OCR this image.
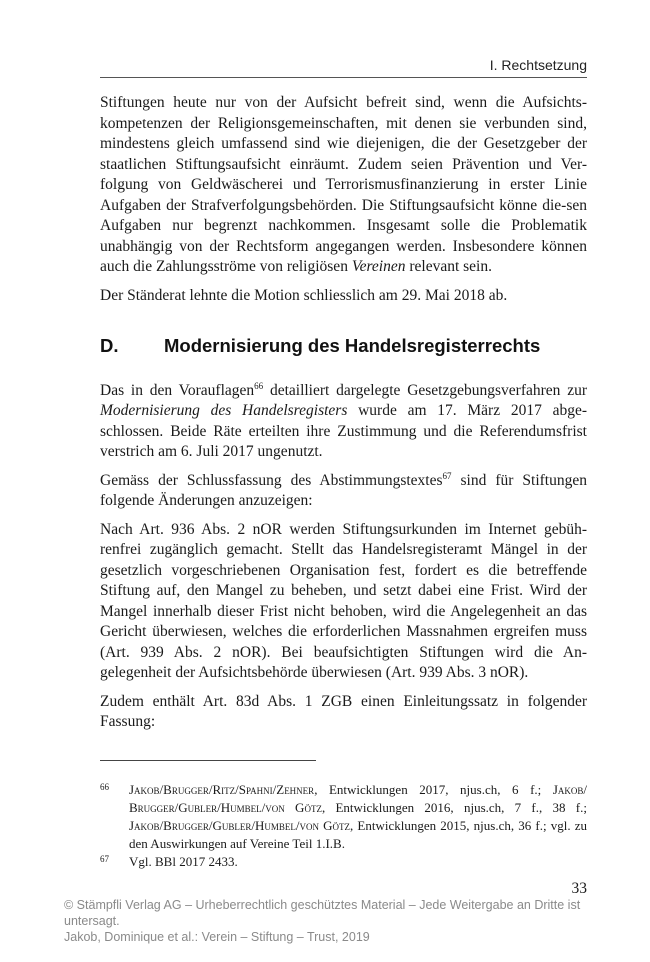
I. Rechtsetzung

Stiftungen heute nur von der Aufsicht befreit sind, wenn die Aufsichts-kompetenzen der Religionsgemeinschaften, mit denen sie verbunden sind, mindestens gleich umfassend sind wie diejenigen, die der Gesetzgeber der staatlichen Stiftungsaufsicht einräumt. Zudem seien Prävention und Ver-folgung von Geldwäscherei und Terrorismusfinanzierung in erster Linie Aufgaben der Strafverfolgungsbehörden. Die Stiftungsaufsicht könne die-sen Aufgaben nur begrenzt nachkommen. Insgesamt solle die Problematik unabhängig von der Rechtsform angegangen werden. Insbesondere können auch die Zahlungsströme von religiösen Vereinen relevant sein.

Der Ständerat lehnte die Motion schliesslich am 29. Mai 2018 ab.

D.	Modernisierung des Handelsregisterrechts

Das in den Vorauflagen$^{66}$ detailliert dargelegte Gesetzgebungsverfahren zur Modernisierung des Handelsregisters wurde am 17. März 2017 abge-schlossen. Beide Räte erteilten ihre Zustimmung und die Referendumsfrist verstrich am 6. Juli 2017 ungenutzt.

Gemäss der Schlussfassung des Abstimmungstextes$^{67}$ sind für Stiftungen folgende Änderungen anzuzeigen:

Nach Art. 936 Abs. 2 nOR werden Stiftungsurkunden im Internet gebüh-renfrei zugänglich gemacht. Stellt das Handelsregisteramt Mängel in der gesetzlich vorgeschriebenen Organisation fest, fordert es die betreffende Stiftung auf, den Mangel zu beheben, und setzt dabei eine Frist. Wird der Mangel innerhalb dieser Frist nicht behoben, wird die Angelegenheit an das Gericht überwiesen, welches die erforderlichen Massnahmen ergreifen muss (Art. 939 Abs. 2 nOR). Bei beaufsichtigten Stiftungen wird die An-gelegenheit der Aufsichtsbehörde überwiesen (Art. 939 Abs. 3 nOR).

Zudem enthält Art. 83d Abs. 1 ZGB einen Einleitungssatz in folgender Fassung:

66	Jakob/Brugger/Ritz/Spahni/Zehner, Entwicklungen 2017, njus.ch, 6 f.; Jakob/ Brugger/Gubler/Humbel/von Götz, Entwicklungen 2016, njus.ch, 7 f., 38 f.; Jakob/Brugger/Gubler/Humbel/von Götz, Entwicklungen 2015, njus.ch, 36 f.; vgl. zu den Auswirkungen auf Vereine Teil 1.I.B.
67	Vgl. BBl 2017 2433.
33
© Stämpfli Verlag AG – Urheberrechtlich geschütztes Material – Jede Weitergabe an Dritte ist untersagt.
Jakob, Dominique et al.: Verein – Stiftung – Trust, 2019
